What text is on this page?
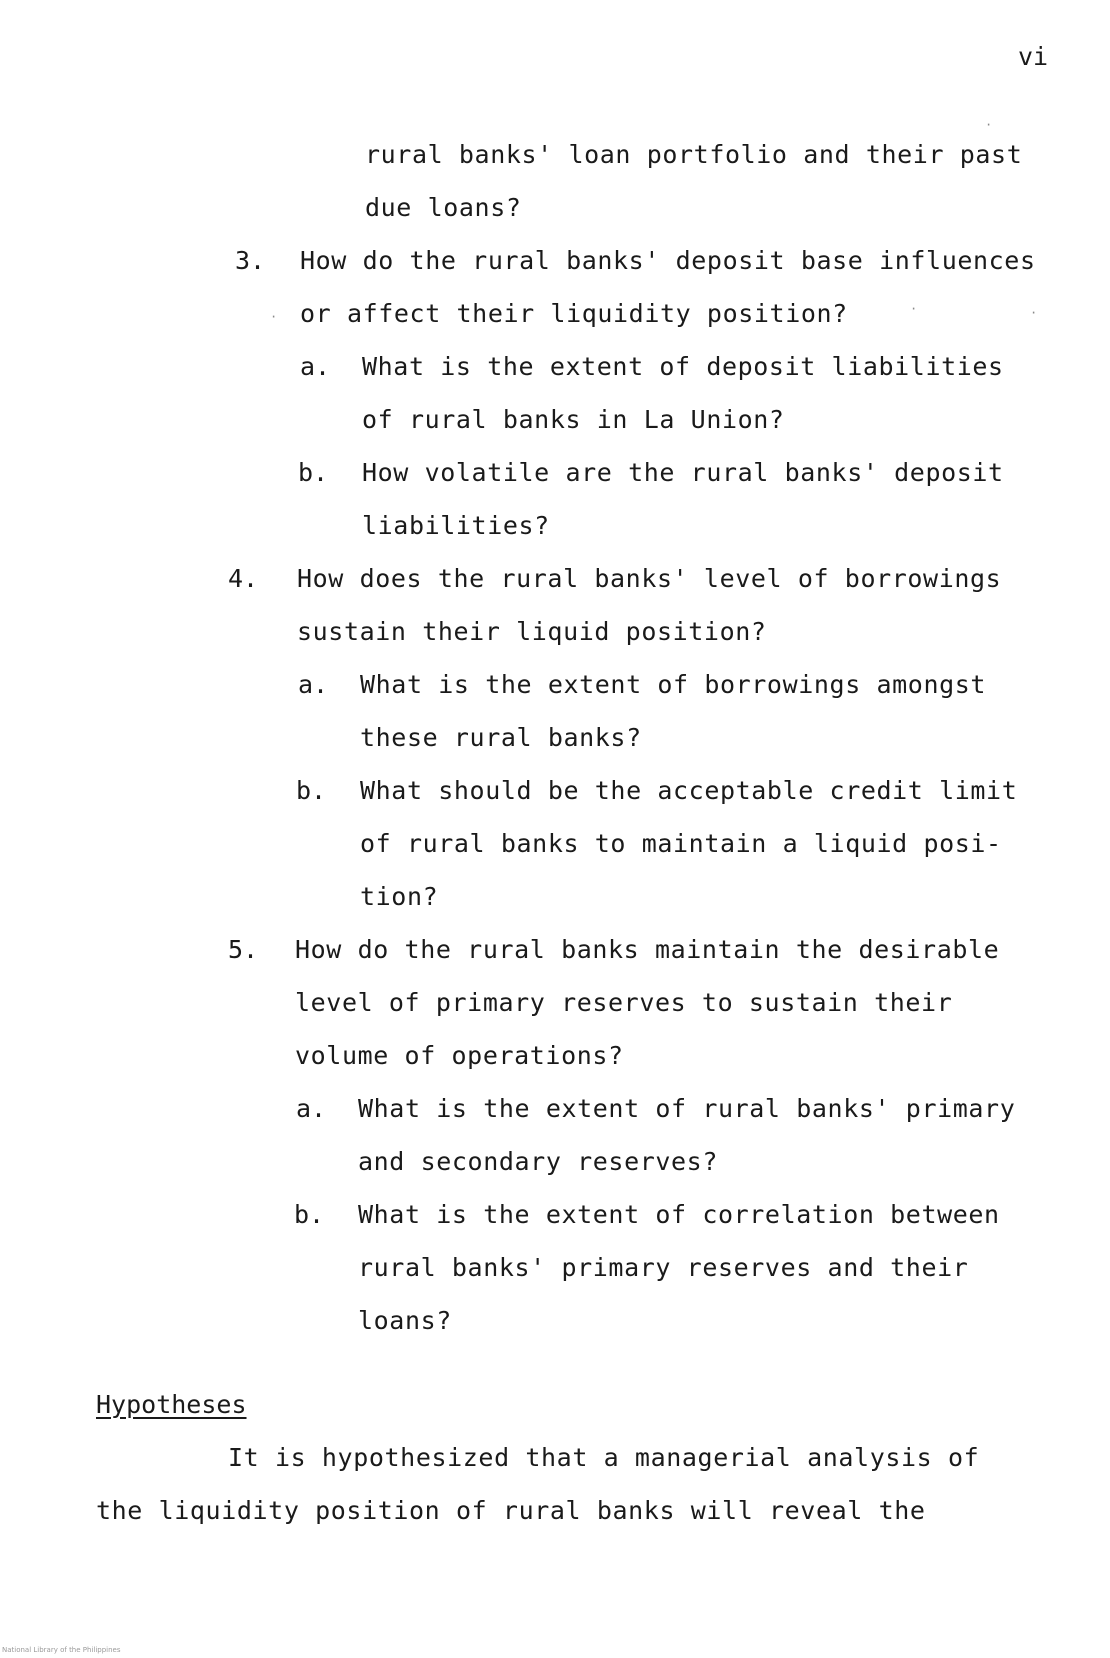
vi
rural banks' loan portfolio and their past
due loans?
3. How do the rural banks' deposit base influences
or affect their liquidity position?
a. What is the extent of deposit liabilities
of rural banks in La Union?
b. How volatile are the rural banks' deposit
liabilities?
4. How does the rural banks' level of borrowings
sustain their liquid position?
a. What is the extent of borrowings amongst
these rural banks?
b. What should be the acceptable credit limit
of rural banks to maintain a liquid posi-
tion?
5. How do the rural banks maintain the desirable
level of primary reserves to sustain their
volume of operations?
a. What is the extent of rural banks' primary
and secondary reserves?
b. What is the extent of correlation between
rural banks' primary reserves and their
loans?
Hypotheses
It is hypothesized that a managerial analysis of
the liquidity position of rural banks will reveal the
·
·
·	·
National Library of the Philippines
